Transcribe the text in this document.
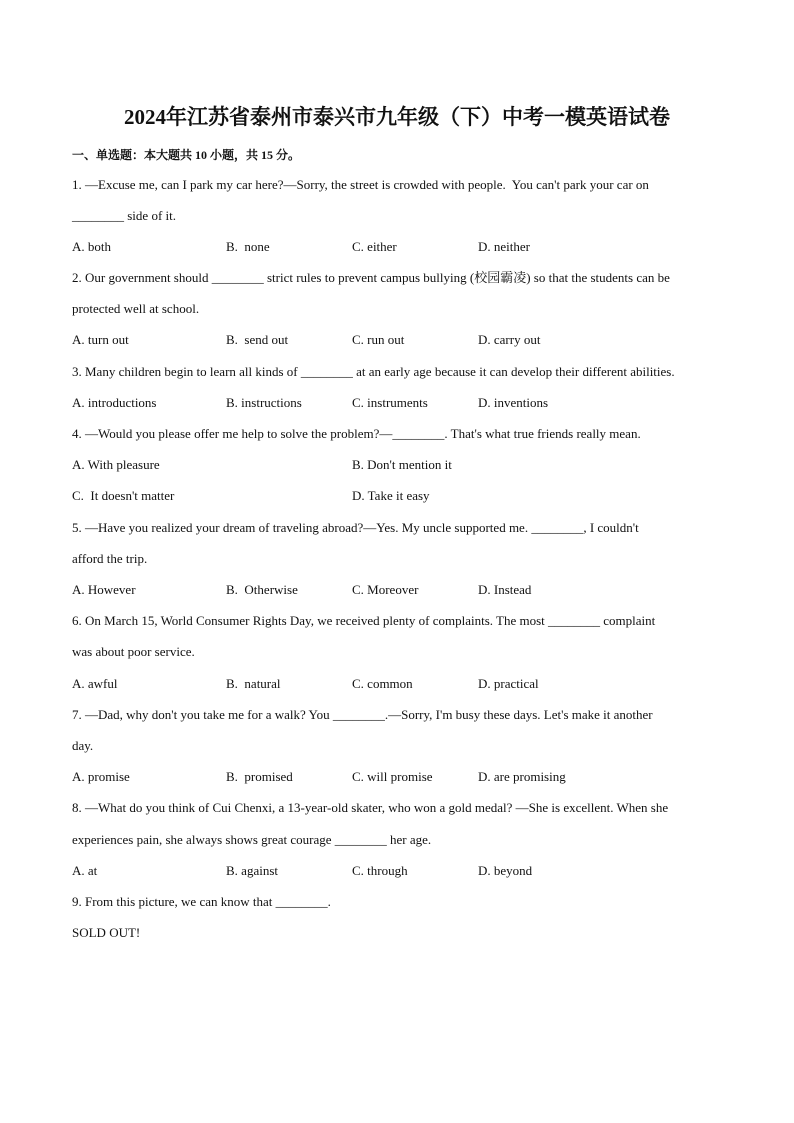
2024年江苏省泰州市泰兴市九年级（下）中考一模英语试卷
一、单选题：本大题共 10 小题，共 15 分。
1. —Excuse me, can I park my car here?—Sorry, the street is crowded with people.  You can't park your car on
________ side of it.
A. both	B.  none	C. either	D. neither
2. Our government should ________ strict rules to prevent campus bullying (校园霸凌) so that the students can be
protected well at school.
A. turn out	B.  send out	C. run out	D. carry out
3. Many children begin to learn all kinds of ________ at an early age because it can develop their different abilities.
A. introductions	B. instructions	C. instruments	D. inventions
4. —Would you please offer me help to solve the problem?—________. That's what true friends really mean.
A. With pleasure	B. Don't mention it
C.  It doesn't matter	D. Take it easy
5. —Have you realized your dream of traveling abroad?—Yes. My uncle supported me. ________, I couldn't
afford the trip.
A. However	B.  Otherwise	C. Moreover	D. Instead
6. On March 15, World Consumer Rights Day, we received plenty of complaints. The most ________ complaint
was about poor service.
A. awful	B.  natural	C. common	D. practical
7. —Dad, why don't you take me for a walk? You ________.—Sorry, I'm busy these days. Let's make it another
day.
A. promise	B.  promised	C. will promise	D. are promising
8. —What do you think of Cui Chenxi, a 13-year-old skater, who won a gold medal? —She is excellent. When she
experiences pain, she always shows great courage ________ her age.
A. at	B. against	C. through	D. beyond
9. From this picture, we can know that ________.
SOLD OUT!
